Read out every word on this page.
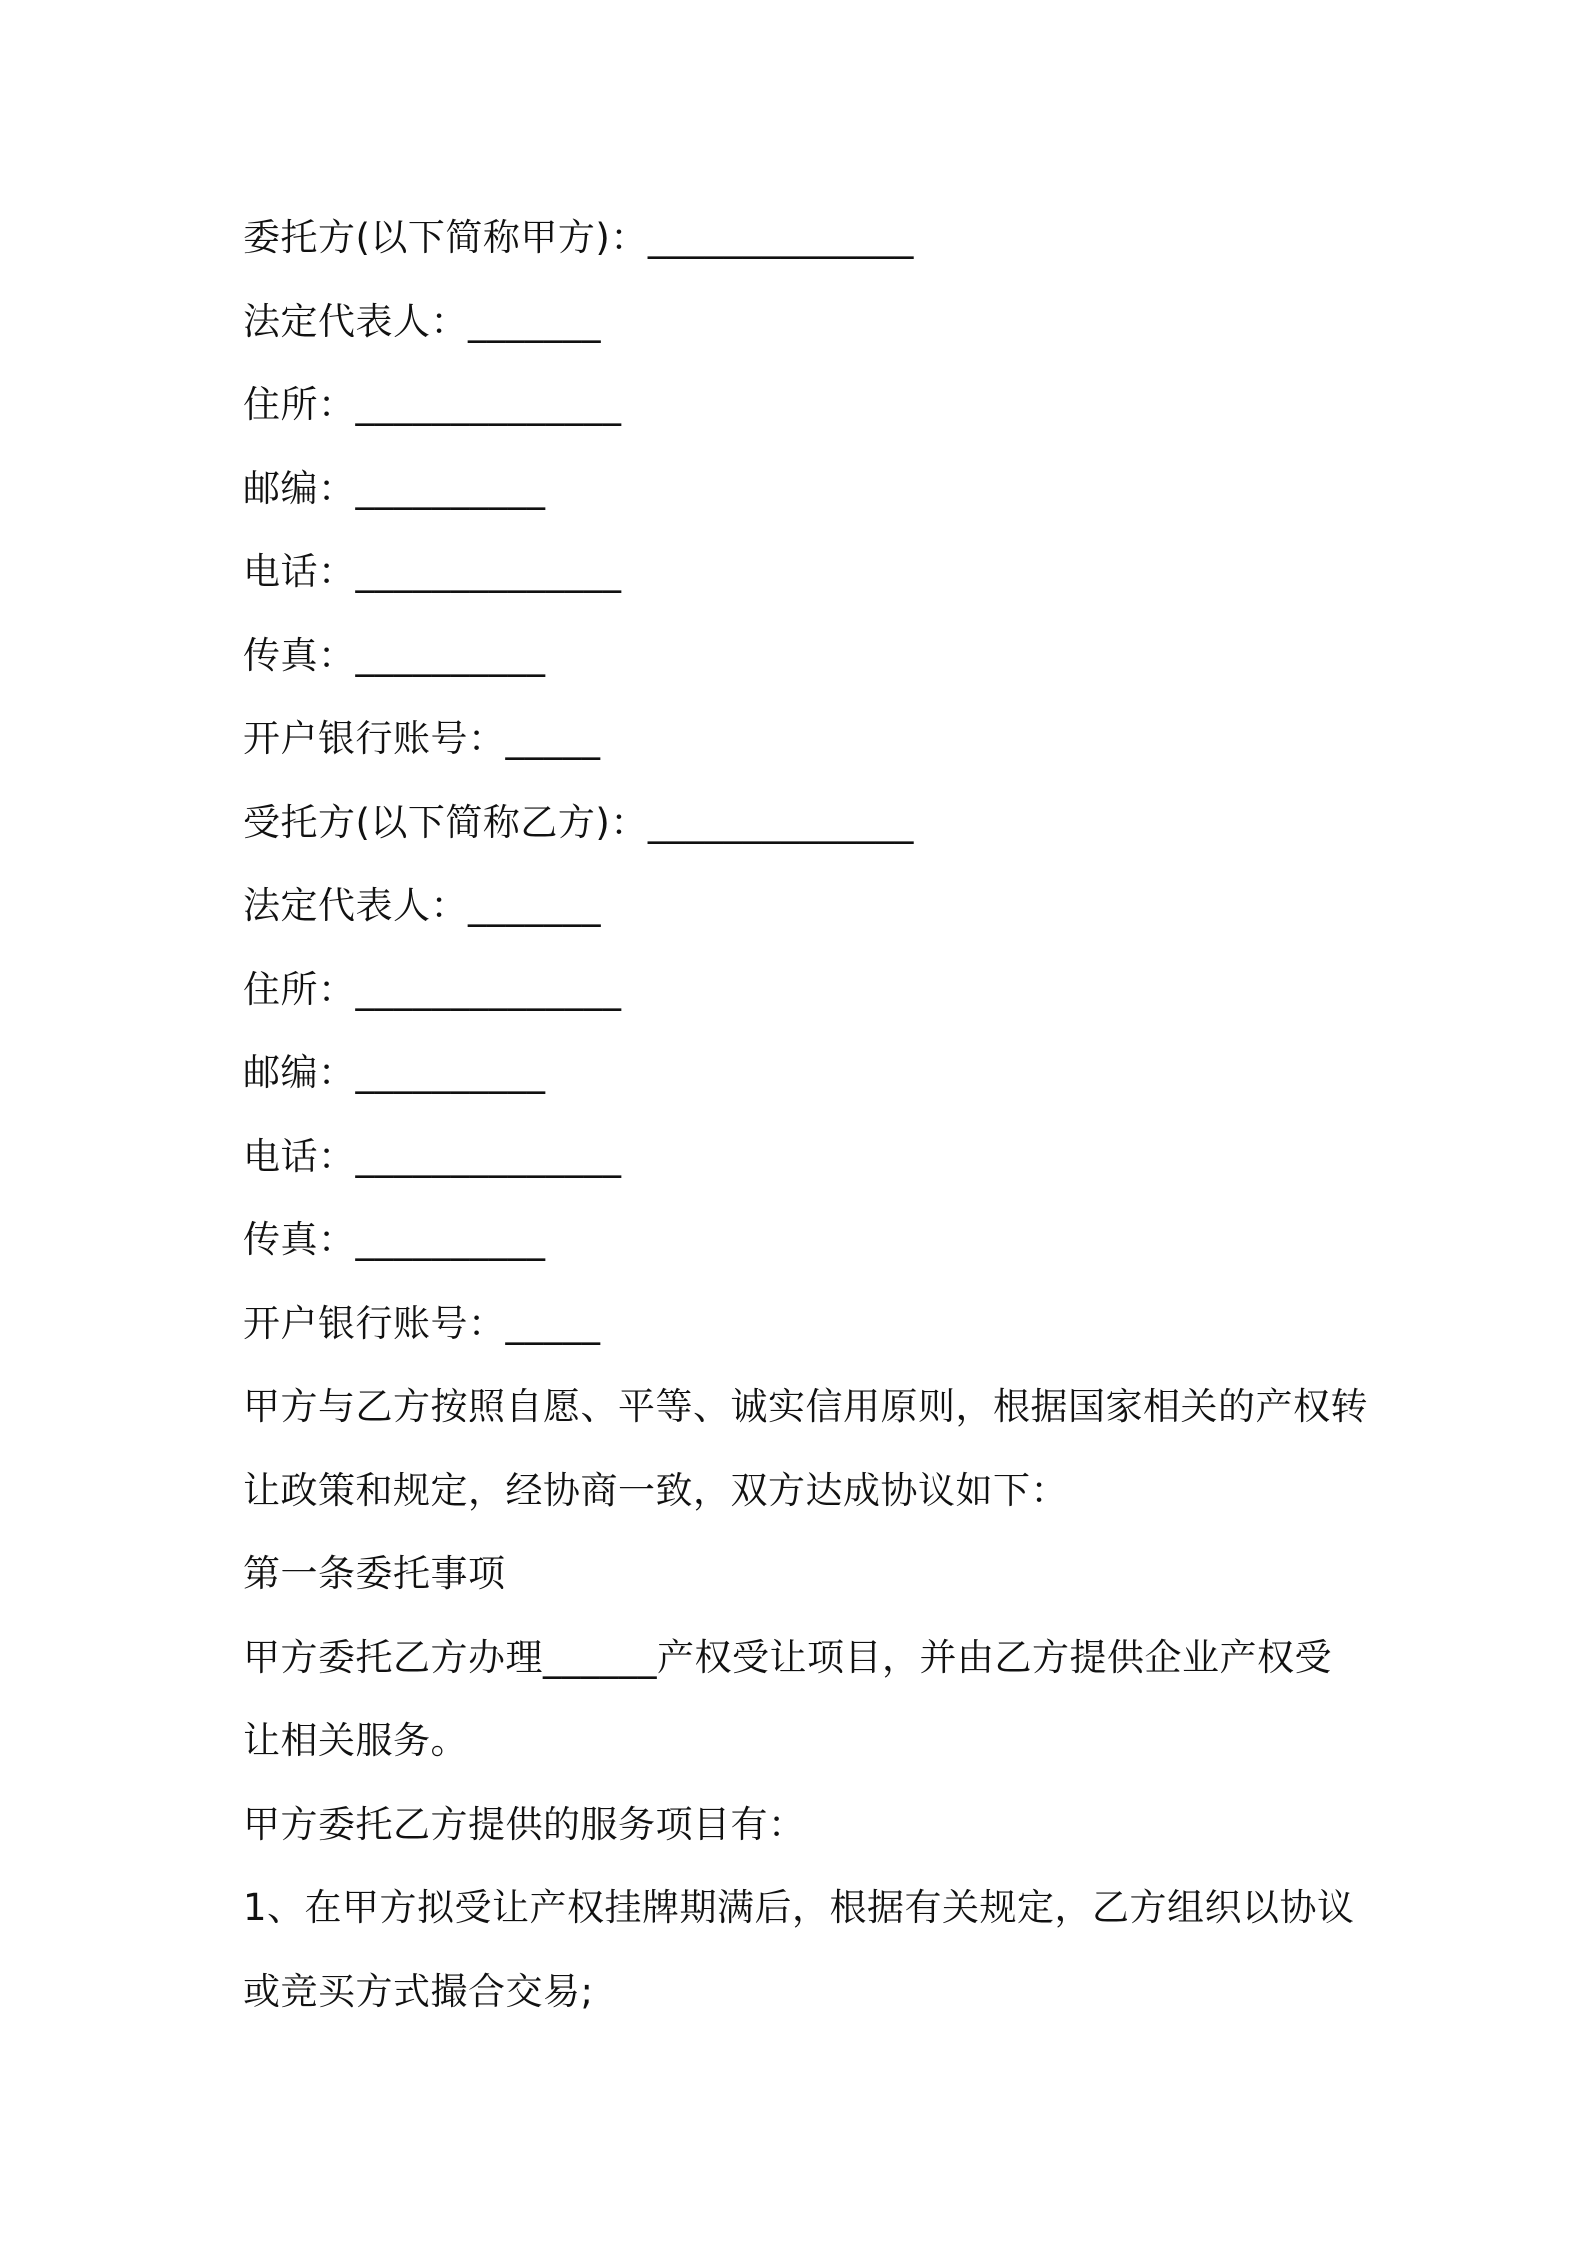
委托方(以下简称甲方)：______________
法定代表人：_______
住所：______________
邮编：__________
电话：______________
传真：__________
开户银行账号：_____
受托方(以下简称乙方)：______________
法定代表人：_______
住所：______________
邮编：__________
电话：______________
传真：__________
开户银行账号：_____
甲方与乙方按照自愿、平等、诚实信用原则，根据国家相关的产权转
让政策和规定，经协商一致，双方达成协议如下：
第一条委托事项
甲方委托乙方办理______产权受让项目，并由乙方提供企业产权受
让相关服务。
甲方委托乙方提供的服务项目有：
1、在甲方拟受让产权挂牌期满后，根据有关规定，乙方组织以协议
或竞买方式撮合交易;
